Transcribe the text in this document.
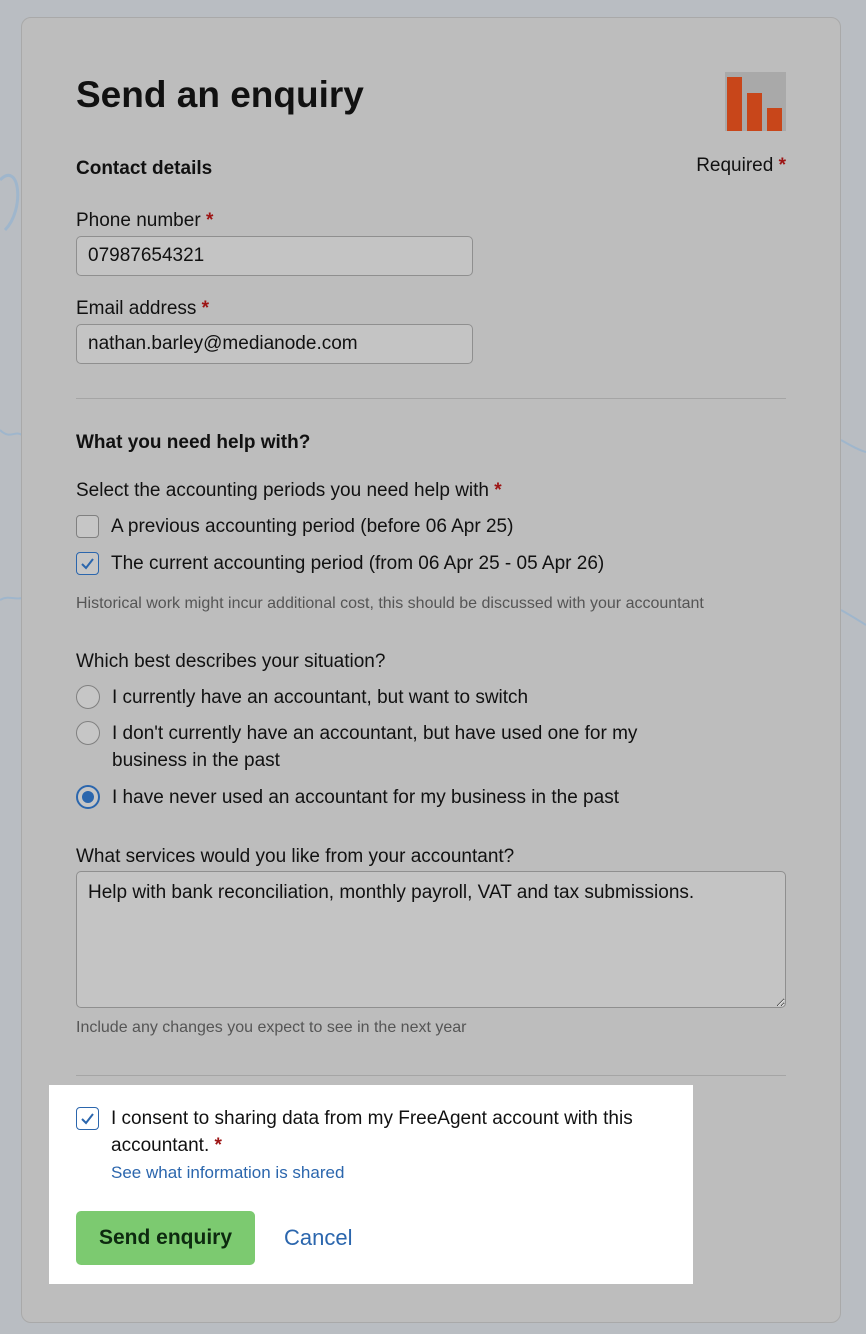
Send an enquiry
Required *
Contact details
Phone number *
07987654321
Email address *
nathan.barley@medianode.com
What you need help with?
Select the accounting periods you need help with *
A previous accounting period (before 06 Apr 25)
The current accounting period (from 06 Apr 25 - 05 Apr 26)
Historical work might incur additional cost, this should be discussed with your accountant
Which best describes your situation?
I currently have an accountant, but want to switch
I don't currently have an accountant, but have used one for my business in the past
I have never used an accountant for my business in the past
What services would you like from your accountant?
Help with bank reconciliation, monthly payroll, VAT and tax submissions.
Include any changes you expect to see in the next year
I consent to sharing data from my FreeAgent account with this accountant. *
See what information is shared
Send enquiry	Cancel
